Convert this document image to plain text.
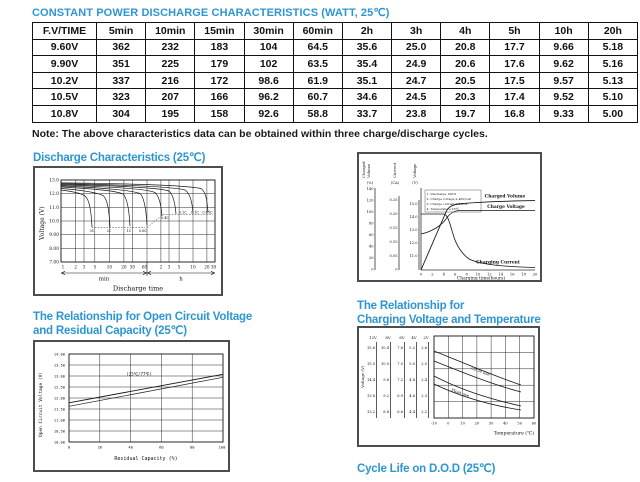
CONSTANT POWER DISCHARGE CHARACTERISTICS (WATT, 25℃)
F.V/TIME	5min	10min	15min	30min	60min	2h	3h	4h	5h	10h	20h
9.60V	362	232	183	104	64.5	35.6	25.0	20.8	17.7	9.66	5.18
9.90V	351	225	179	102	63.5	35.4	24.9	20.6	17.6	9.62	5.16
10.2V	337	216	172	98.6	61.9	35.1	24.7	20.5	17.5	9.57	5.13
10.5V	323	207	166	96.2	60.7	34.6	24.5	20.3	17.4	9.52	5.10
10.8V	304	195	158	92.6	58.8	33.7	23.8	19.7	16.8	9.33	5.00
Note: The above characteristics data can be obtained within three charge/discharge cycles.
Discharge Characteristics (25℃)
Voltage (V)
13.0
12.0
11.0
10.0
9.00
8.00
7.00
3C	2C	1C 0.6C
0.4C
0.2C 0.1C 0.05C
1 2 3 5	10 20 30 60	2 3 5 10 20 30
min	h
Discharge time
Charged Volume	Current	Voltage
(%)	(CA)	(V)
140
120
100
80
60
40
20
0
0.25
0.20
0.15
0.10
0.05
0
15.0
14.0
13.0
12.0
11.0
1. Discharge 100%
2. Charge voltage 2.40V/cell
3. Charge current 0.20CA
4. Temperature 25℃
Charged Volume
Charge Voltage
Charging Current
0	2	4	6	8 10 12 14 16 18 20
Charging time(hours)
The Relationship for Open Circuit Voltage
and Residual Capacity (25℃)
Open Circuit Voltage (V)
14.00
13.50
13.00
12.50
12.00
11.50
11.00
10.50
10.00
(25℃/77℉)
0	20	40	60	80	100
Residual Capacity (%)
The Relationship for
Charging Voltage and Temperature
Voltage (V)
12V 8V 6V 4V 2V
15.6
15.0
14.4
13.8
13.2
10.4
10.0
9.6
9.2
8.8
7.8
7.5
7.2
6.9
6.6
5.2
5.0
4.8
4.6
4.4
2.6
2.5
2.4
2.3
2.2
Cycle use
Float use
-10	0	10	20	30	40	50	60
Temperature (℃)
Cycle Life on D.O.D (25℃)
